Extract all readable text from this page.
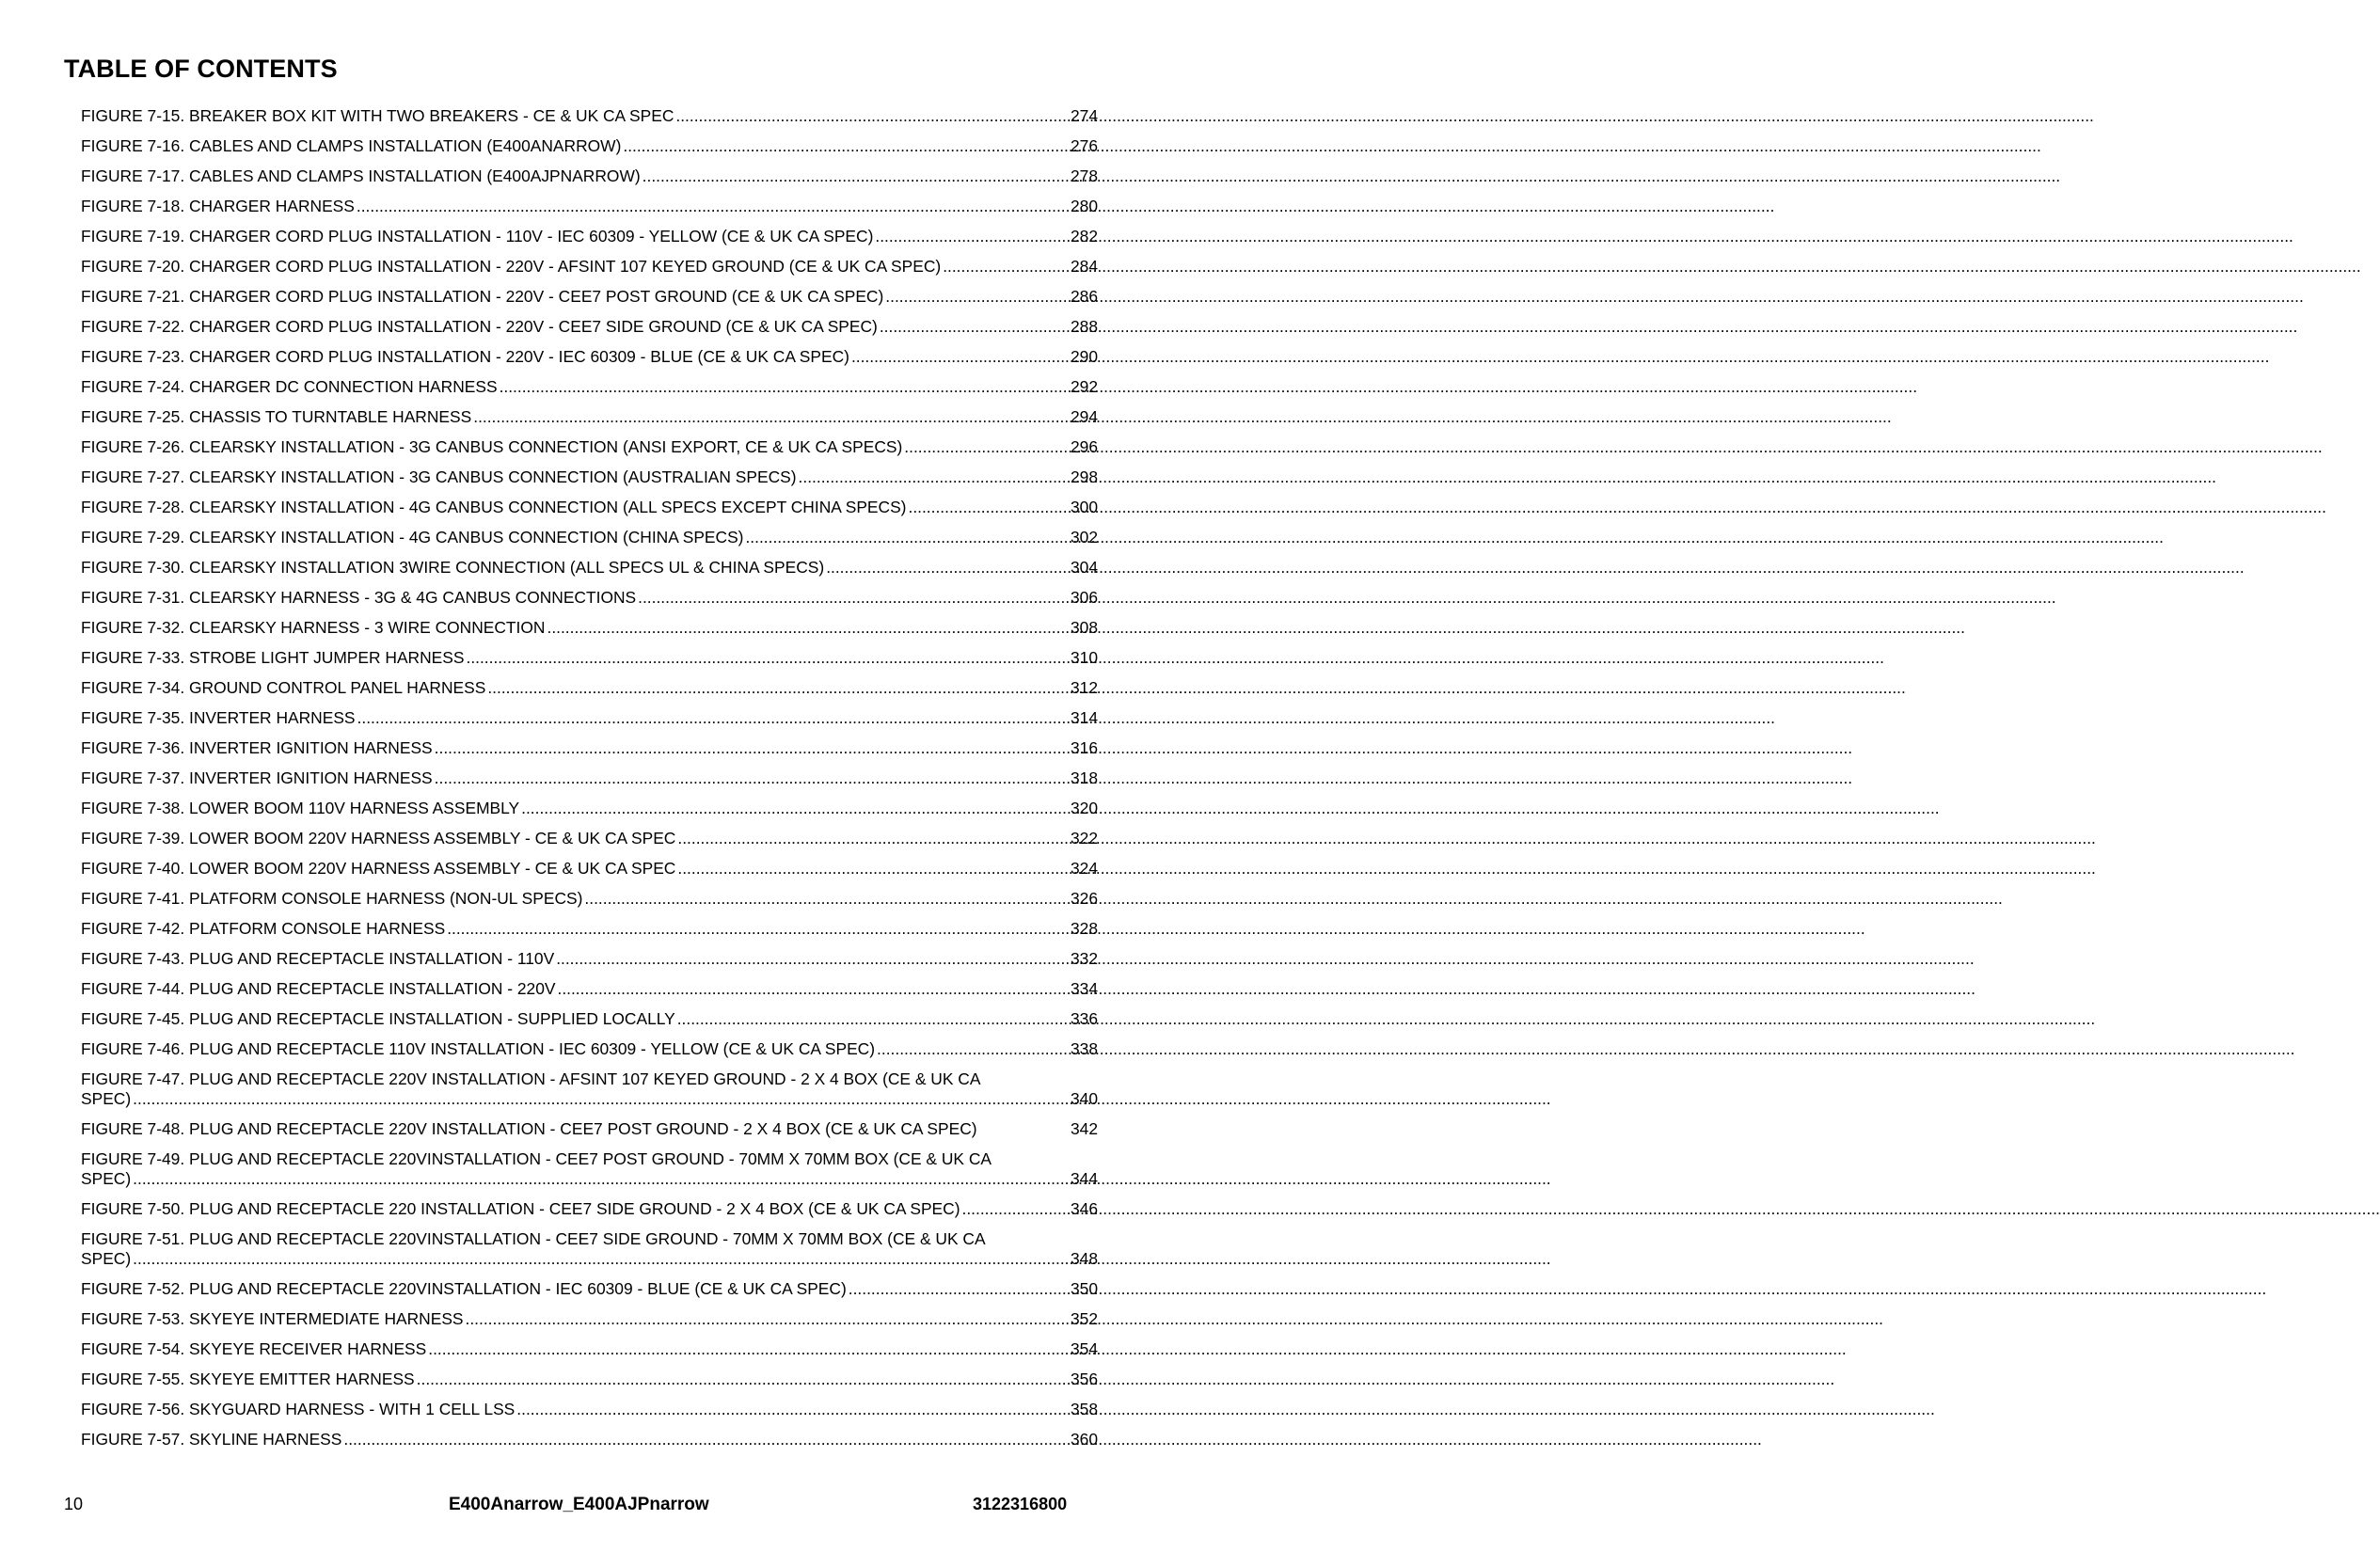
TABLE OF CONTENTS
FIGURE 7-15. BREAKER BOX KIT WITH TWO BREAKERS - CE & UK CA SPEC .....	274
FIGURE 7-16. CABLES AND CLAMPS INSTALLATION (E400ANARROW) .....	276
FIGURE 7-17. CABLES AND CLAMPS INSTALLATION (E400AJPNARROW) .....	278
FIGURE 7-18. CHARGER HARNESS .....	280
FIGURE 7-19. CHARGER CORD PLUG INSTALLATION - 110V - IEC 60309 - YELLOW (CE & UK CA SPEC) .....	282
FIGURE 7-20. CHARGER CORD PLUG INSTALLATION - 220V - AFSINT 107 KEYED GROUND (CE & UK CA SPEC) .....	284
FIGURE 7-21. CHARGER CORD PLUG INSTALLATION - 220V - CEE7 POST GROUND (CE & UK CA SPEC) .....	286
FIGURE 7-22. CHARGER CORD PLUG INSTALLATION - 220V - CEE7 SIDE GROUND (CE & UK CA SPEC) .....	288
FIGURE 7-23. CHARGER CORD PLUG INSTALLATION - 220V - IEC 60309 - BLUE (CE & UK CA SPEC) .....	290
FIGURE 7-24. CHARGER DC CONNECTION HARNESS .....	292
FIGURE 7-25. CHASSIS TO TURNTABLE HARNESS .....	294
FIGURE 7-26. CLEARSKY INSTALLATION - 3G CANBUS CONNECTION (ANSI EXPORT, CE & UK CA SPECS) .....	296
FIGURE 7-27. CLEARSKY INSTALLATION - 3G CANBUS CONNECTION (AUSTRALIAN SPECS) .....	298
FIGURE 7-28. CLEARSKY INSTALLATION - 4G CANBUS CONNECTION (ALL SPECS EXCEPT CHINA SPECS) .....	300
FIGURE 7-29. CLEARSKY INSTALLATION - 4G CANBUS CONNECTION (CHINA SPECS) .....	302
FIGURE 7-30. CLEARSKY INSTALLATION 3WIRE CONNECTION (ALL SPECS UL & CHINA SPECS) .....	304
FIGURE 7-31. CLEARSKY HARNESS - 3G & 4G CANBUS CONNECTIONS .....	306
FIGURE 7-32. CLEARSKY HARNESS - 3 WIRE CONNECTION .....	308
FIGURE 7-33. STROBE LIGHT JUMPER HARNESS .....	310
FIGURE 7-34. GROUND CONTROL PANEL HARNESS .....	312
FIGURE 7-35. INVERTER HARNESS .....	314
FIGURE 7-36. INVERTER IGNITION HARNESS .....	316
FIGURE 7-37. INVERTER IGNITION HARNESS .....	318
FIGURE 7-38. LOWER BOOM 110V HARNESS ASSEMBLY .....	320
FIGURE 7-39. LOWER BOOM 220V HARNESS ASSEMBLY - CE & UK CA SPEC .....	322
FIGURE 7-40. LOWER BOOM 220V HARNESS ASSEMBLY - CE & UK CA SPEC .....	324
FIGURE 7-41. PLATFORM CONSOLE HARNESS (NON-UL SPECS) .....	326
FIGURE 7-42. PLATFORM CONSOLE HARNESS .....	328
FIGURE 7-43. PLUG AND RECEPTACLE INSTALLATION - 110V .....	332
FIGURE 7-44. PLUG AND RECEPTACLE INSTALLATION - 220V .....	334
FIGURE 7-45. PLUG AND RECEPTACLE INSTALLATION - SUPPLIED LOCALLY .....	336
FIGURE 7-46. PLUG AND RECEPTACLE 110V INSTALLATION - IEC 60309 - YELLOW (CE & UK CA SPEC) .....	338
FIGURE 7-47. PLUG AND RECEPTACLE 220V INSTALLATION - AFSINT 107 KEYED GROUND - 2 X 4 BOX (CE & UK CA
SPEC) .....	340
FIGURE 7-48. PLUG AND RECEPTACLE 220V INSTALLATION - CEE7 POST GROUND - 2 X 4 BOX (CE & UK CA SPEC)	342
FIGURE 7-49. PLUG AND RECEPTACLE 220VINSTALLATION - CEE7 POST GROUND - 70MM X 70MM BOX (CE & UK CA
SPEC) .....	344
FIGURE 7-50. PLUG AND RECEPTACLE 220 INSTALLATION - CEE7 SIDE GROUND - 2 X 4 BOX (CE & UK CA SPEC) .....	346
FIGURE 7-51. PLUG AND RECEPTACLE 220VINSTALLATION - CEE7 SIDE GROUND - 70MM X 70MM BOX (CE & UK CA
SPEC) .....	348
FIGURE 7-52. PLUG AND RECEPTACLE 220VINSTALLATION - IEC 60309 - BLUE (CE & UK CA SPEC) .....	350
FIGURE 7-53. SKYEYE INTERMEDIATE HARNESS .....	352
FIGURE 7-54. SKYEYE RECEIVER HARNESS .....	354
FIGURE 7-55. SKYEYE EMITTER HARNESS .....	356
FIGURE 7-56. SKYGUARD HARNESS - WITH 1 CELL LSS .....	358
FIGURE 7-57. SKYLINE HARNESS .....	360
10	E400Anarrow_E400AJPnarrow	3122316800
